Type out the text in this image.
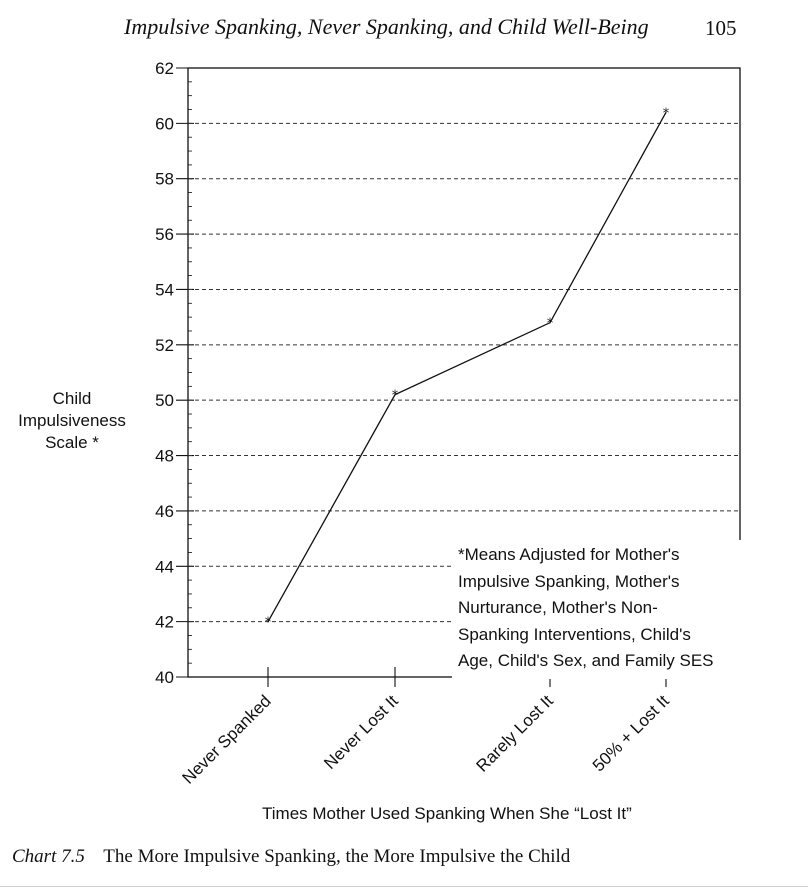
Impulsive Spanking, Never Spanking, and Child Well-Being	105
40
42
44
46
48
50
52
54
56
58
60
62
Never Spanked	Never Lost It	Rarely Lost It 50% + Lost It
*
*
*
*
Child
Impulsiveness
Scale *
Times Mother Used Spanking When She “Lost It”
*Means Adjusted for Mother's
Impulsive Spanking, Mother's
Nurturance, Mother's Non-
Spanking Interventions, Child's
Age, Child's Sex, and Family SES
Chart 7.5 The More Impulsive Spanking, the More Impulsive the Child
